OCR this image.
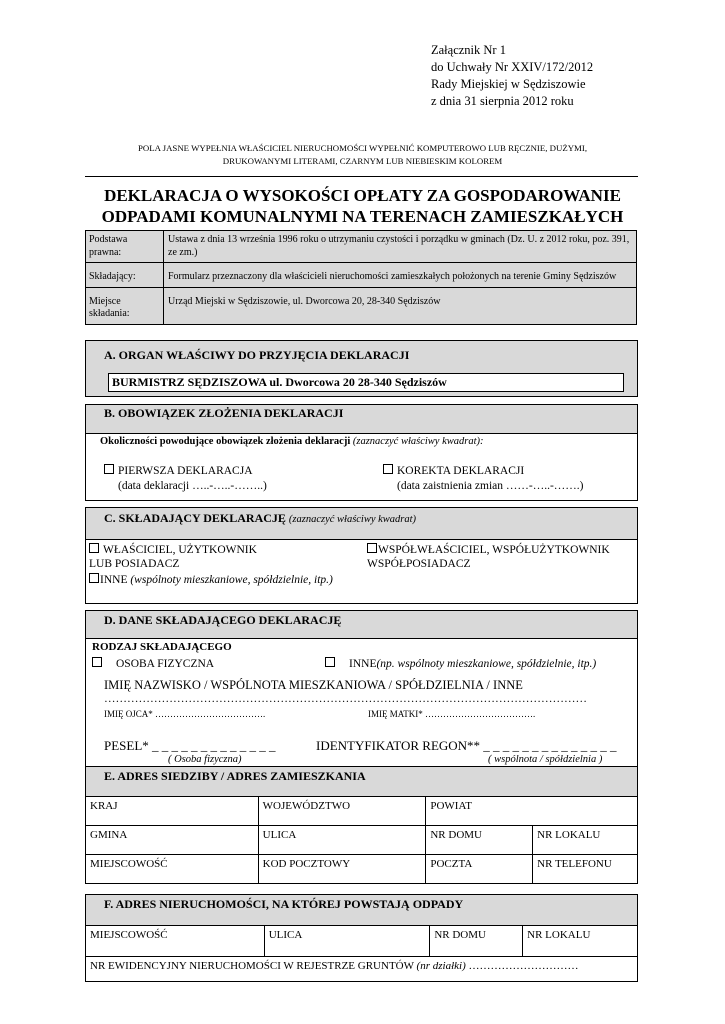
Załącznik Nr 1
do Uchwały Nr XXIV/172/2012
Rady Miejskiej w Sędziszowie
z dnia 31 sierpnia 2012 roku
POLA JASNE WYPEŁNIA WŁAŚCICIEL NIERUCHOMOŚCI WYPEŁNIĆ KOMPUTEROWO LUB RĘCZNIE, DUŻYMI,
DRUKOWANYMI LITERAMI, CZARNYM LUB NIEBIESKIM KOLOREM
DEKLARACJA O WYSOKOŚCI OPŁATY ZA GOSPODAROWANIE
ODPADAMI KOMUNALNYMI NA TERENACH ZAMIESZKAŁYCH
Podstawa prawna:	Ustawa z dnia 13 września 1996 roku o utrzymaniu czystości i porządku w gminach (Dz. U. z 2012 roku, poz. 391, ze zm.)
Składający:	Formularz przeznaczony dla właścicieli nieruchomości zamieszkałych położonych na terenie Gminy Sędziszów
Miejsce składania:	Urząd Miejski w Sędziszowie, ul. Dworcowa 20, 28-340 Sędziszów
A. ORGAN WŁAŚCIWY DO PRZYJĘCIA DEKLARACJI
BURMISTRZ SĘDZISZOWA ul. Dworcowa 20 28-340 Sędziszów
B. OBOWIĄZEK ZŁOŻENIA DEKLARACJI
Okoliczności powodujące obowiązek złożenia deklaracji (zaznaczyć właściwy kwadrat):
PIERWSZA DEKLARACJA
(data deklaracji …..-…..-……..)
KOREKTA DEKLARACJI
(data zaistnienia zmian ……-…..-…….)
C. SKŁADAJĄCY DEKLARACJĘ (zaznaczyć właściwy kwadrat)
WŁAŚCICIEL, UŻYTKOWNIK
LUB POSIADACZ
INNE (wspólnoty mieszkaniowe, spółdzielnie, itp.)
WSPÓŁWŁAŚCICIEL, WSPÓŁUŻYTKOWNIK
WSPÓŁPOSIADACZ
D. DANE SKŁADAJĄCEGO DEKLARACJĘ
RODZAJ SKŁADAJĄCEGO
OSOBA FIZYCZNA	INNE(np. wspólnoty mieszkaniowe, spółdzielnie, itp.)
IMIĘ NAZWISKO / WSPÓLNOTA MIESZKANIOWA / SPÓŁDZIELNIA / INNE
………………………………………………………………………………………………………………
IMIĘ OJCA* ……………………………….	IMIĘ MATKI* ……………………………….
PESEL* _ _ _ _ _ _ _ _ _ _ _ _ _
( Osoba fizyczna)
IDENTYFIKATOR REGON** _ _ _ _ _ _ _ _ _ _ _ _ _ _
( wspólnota / spółdzielnia )
E. ADRES SIEDZIBY / ADRES ZAMIESZKANIA
KRAJ	WOJEWÓDZTWO	POWIAT	
GMINA	ULICA	NR DOMU	NR LOKALU
MIEJSCOWOŚĆ	KOD POCZTOWY	POCZTA	NR TELEFONU
F. ADRES NIERUCHOMOŚCI, NA KTÓREJ POWSTAJĄ ODPADY
MIEJSCOWOŚĆ	ULICA	NR DOMU	NR LOKALU
NR EWIDENCYJNY NIERUCHOMOŚCI W REJESTRZE GRUNTÓW (nr działki) …………………………
